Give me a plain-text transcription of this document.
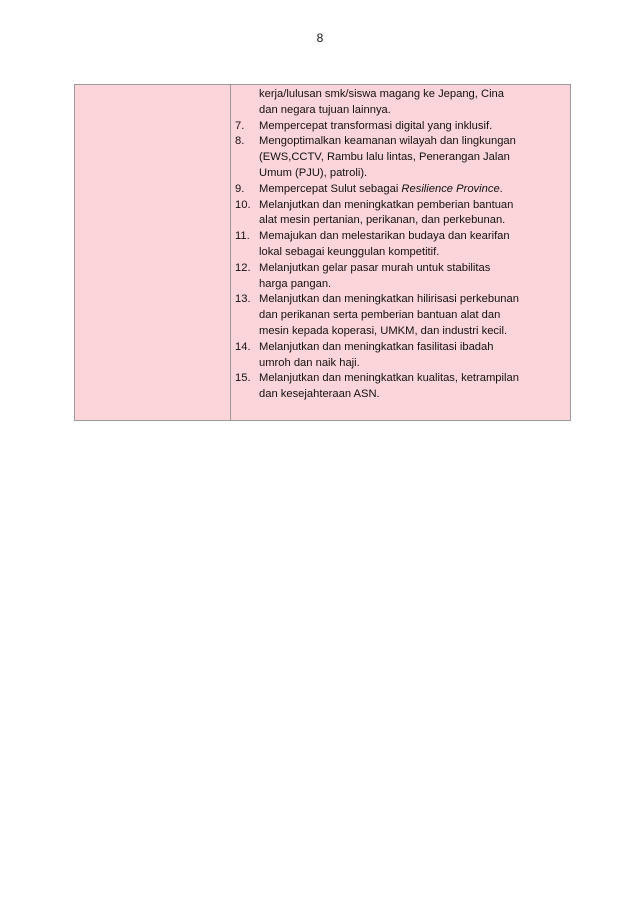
8
kerja/lulusan smk/siswa magang ke Jepang, Cina
dan negara tujuan lainnya.
7.	Mempercepat transformasi digital yang inklusif.
8.	Mengoptimalkan keamanan wilayah dan lingkungan
(EWS,CCTV, Rambu lalu lintas, Penerangan Jalan
Umum (PJU), patroli).
9.	Mempercepat Sulut sebagai Resilience Province.
10. Melanjutkan dan meningkatkan pemberian bantuan
alat mesin pertanian, perikanan, dan perkebunan.
11. Memajukan dan melestarikan budaya dan kearifan
lokal sebagai keunggulan kompetitif.
12. Melanjutkan gelar pasar murah untuk stabilitas
harga pangan.
13. Melanjutkan dan meningkatkan hilirisasi perkebunan
dan perikanan serta pemberian bantuan alat dan
mesin kepada koperasi, UMKM, dan industri kecil.
14. Melanjutkan dan meningkatkan fasilitasi ibadah
umroh dan naik haji.
15. Melanjutkan dan meningkatkan kualitas, ketrampilan
dan kesejahteraan ASN.
